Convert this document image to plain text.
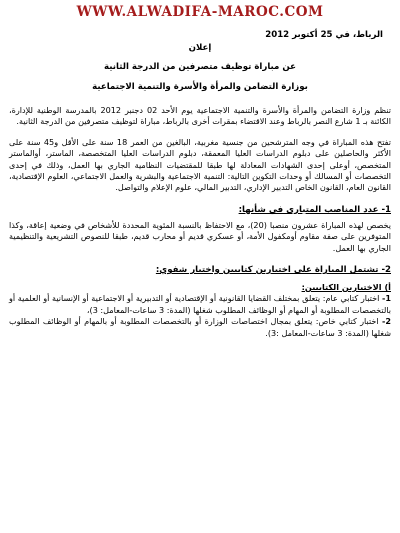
WWW.ALWADIFA-MAROC.COM
الرباط، في 25 أكتوبر 2012
إعلان
عن مباراة توظيف متصرفين من الدرجة الثانية
بوزارة التضامن والمرأة والأسرة والتنمية الاجتماعية

تنظم وزارة التضامن والمرأة والأسرة والتنمية الاجتماعية يوم الأحد 02 دجنبر 2012 بالمدرسة الوطنية للإدارة، الكائنة بـ 1 شارع النصر بالرباط وعند الاقتضاء بمقرات أخرى بالرباط، مباراة لتوظيف متصرفين من الدرجة الثانية.

تفتح هذه المباراة في وجه المترشحين من جنسية مغربية، البالغين من العمر 18 سنة على الأقل و45 سنة على الأكثر والحاصلين على دبلوم الدراسات العليا المعمقة، دبلوم الدراسات العليا المتخصصة، الماستر، أوالماستر المتخصص، أوعلى إحدى الشهادات المعادلة لها طبقا للمقتضيات النظامية الجاري بها العمل، وذلك في إحدى التخصصات أو المسالك أو وحدات التكوين التالية: التنمية الاجتماعية والبشرية والعمل الاجتماعي، العلوم الإقتصادية، القانون العام، القانون الخاص التدبير الإداري، التدبير المالي، علوم الإعلام والتواصل.

1- عدد المناصب المتبارى في شأنها:

يخصص لهذه المباراة عشرون منصبا (20)، مع الاحتفاظ بالنسبة المئوية المحددة للأشخاص في وضعية إعاقة، وكذا المتوفرين على صفة مقاوم أومكفول الأمة، أو عسكري قديم أو محارب قديم، طبقا للنصوص التشريعية والتنظيمية الجاري بها العمل.

2- تشتمل المباراة على اختبارين كتابيين واختبار شفوي:
أ) الاختبارين الكتابيين:

1- اختبار كتابي عام: يتعلق بمختلف القضايا القانونية أو الإقتصادية أو التدبيرية أو الاجتماعية أو الإنسانية أو العلمية أو بالتخصصات المطلوبة أو المهام أو الوظائف المطلوب شغلها (المدة: 3 ساعات-المعامل: 3)،

2- اختبار كتابي خاص: يتعلق بمجال اختصاصات الوزارة أو بالتخصصات المطلوبة أو بالمهام أو الوظائف المطلوب شغلها (المدة: 3 ساعات-المعامل :3).
